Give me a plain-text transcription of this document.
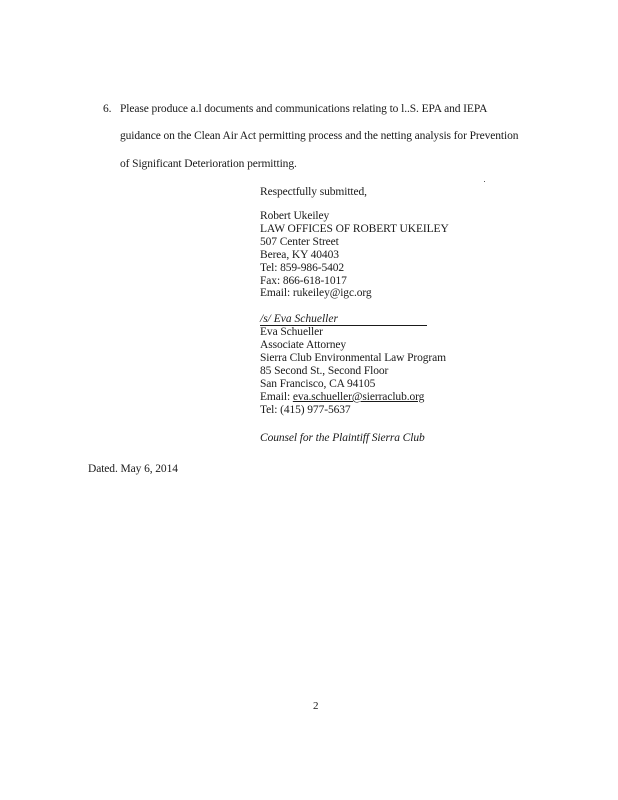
6. Please produce a.l documents and communications relating to l..S. EPA and IEPA
guidance on the Clean Air Act permitting process and the netting analysis for Prevention
of Significant Deterioration permitting.
Respectfully submitted,
Robert Ukeiley
LAW OFFICES OF ROBERT UKEILEY
507 Center Street
Berea, KY 40403
Tel: 859-986-5402
Fax: 866-618-1017
Email: rukeiley@igc.org
/s/ Eva Schueller
Eva Schueller
Associate Attorney
Sierra Club Environmental Law Program
85 Second St., Second Floor
San Francisco, CA 94105
Email: eva.schueller@sierraclub.org
Tel: (415) 977-5637
Counsel for the Plaintiff Sierra Club
Dated. May 6, 2014
2
